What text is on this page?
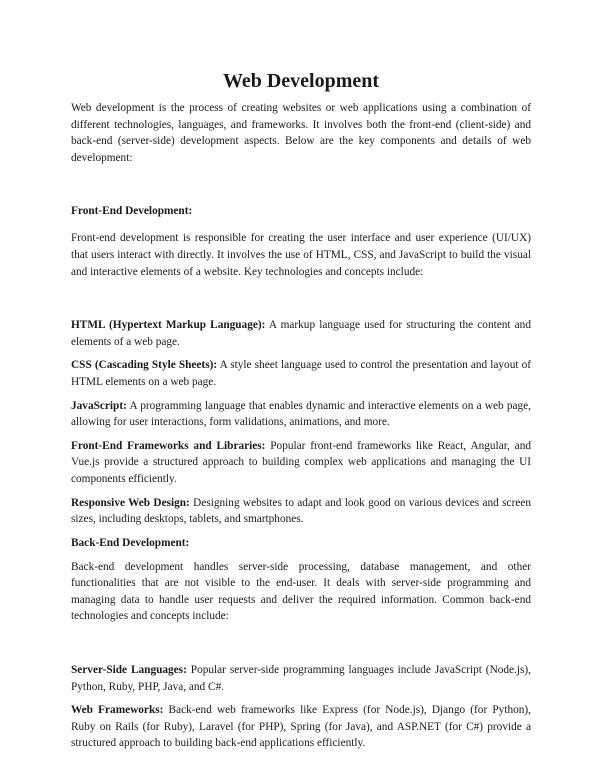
Web Development

Web development is the process of creating websites or web applications using a combination of different technologies, languages, and frameworks. It involves both the front-end (client-side) and back-end (server-side) development aspects. Below are the key components and details of web development:

Front-End Development:

Front-end development is responsible for creating the user interface and user experience (UI/UX) that users interact with directly. It involves the use of HTML, CSS, and JavaScript to build the visual and interactive elements of a website. Key technologies and concepts include:

HTML (Hypertext Markup Language): A markup language used for structuring the content and elements of a web page.

CSS (Cascading Style Sheets): A style sheet language used to control the presentation and layout of HTML elements on a web page.

JavaScript: A programming language that enables dynamic and interactive elements on a web page, allowing for user interactions, form validations, animations, and more.

Front-End Frameworks and Libraries: Popular front-end frameworks like React, Angular, and Vue.js provide a structured approach to building complex web applications and managing the UI components efficiently.

Responsive Web Design: Designing websites to adapt and look good on various devices and screen sizes, including desktops, tablets, and smartphones.

Back-End Development:

Back-end development handles server-side processing, database management, and other functionalities that are not visible to the end-user. It deals with server-side programming and managing data to handle user requests and deliver the required information. Common back-end technologies and concepts include:

Server-Side Languages: Popular server-side programming languages include JavaScript (Node.js), Python, Ruby, PHP, Java, and C#.

Web Frameworks: Back-end web frameworks like Express (for Node.js), Django (for Python), Ruby on Rails (for Ruby), Laravel (for PHP), Spring (for Java), and ASP.NET (for C#) provide a structured approach to building back-end applications efficiently.
